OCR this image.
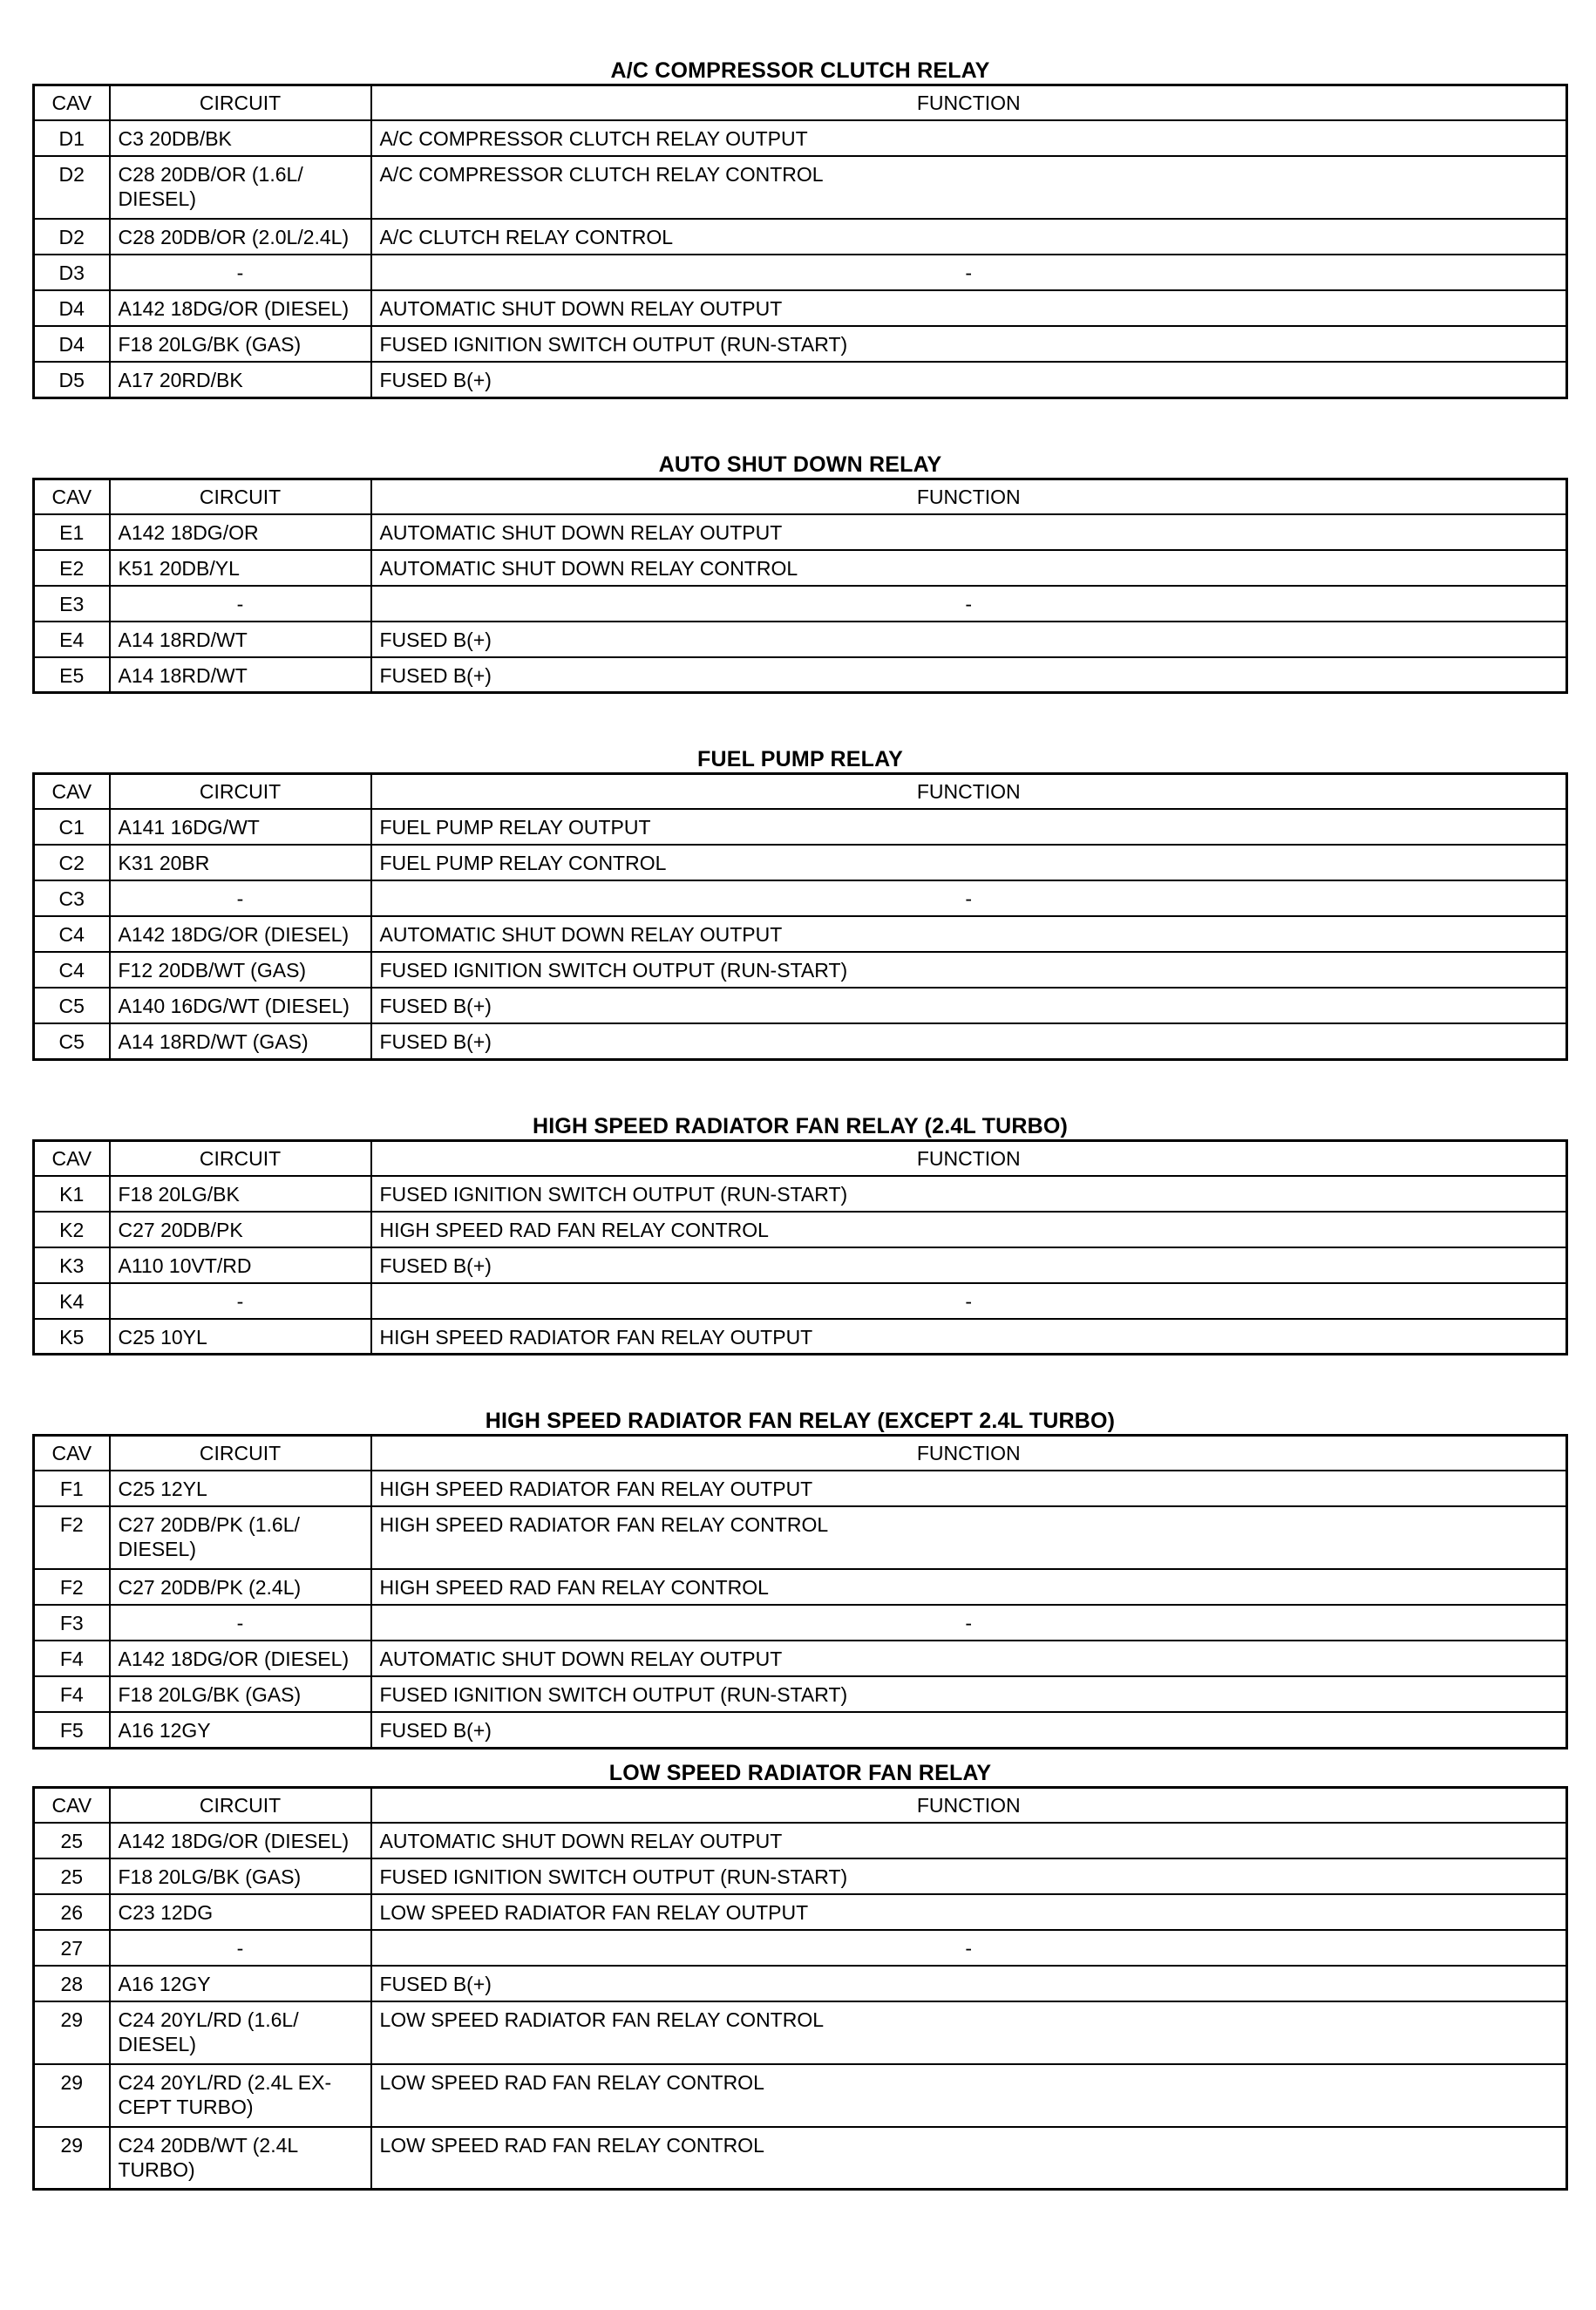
A/C COMPRESSOR CLUTCH RELAY
CAV	CIRCUIT	FUNCTION
D1	C3 20DB/BK	A/C COMPRESSOR CLUTCH RELAY OUTPUT
D2	C28 20DB/OR (1.6L/ DIESEL)	A/C COMPRESSOR CLUTCH RELAY CONTROL
D2	C28 20DB/OR (2.0L/2.4L)	A/C CLUTCH RELAY CONTROL
D3	-	-
D4	A142 18DG/OR (DIESEL)	AUTOMATIC SHUT DOWN RELAY OUTPUT
D4	F18 20LG/BK (GAS)	FUSED IGNITION SWITCH OUTPUT (RUN-START)
D5	A17 20RD/BK	FUSED B(+)
AUTO SHUT DOWN RELAY
CAV	CIRCUIT	FUNCTION
E1	A142 18DG/OR	AUTOMATIC SHUT DOWN RELAY OUTPUT
E2	K51 20DB/YL	AUTOMATIC SHUT DOWN RELAY CONTROL
E3	-	-
E4	A14 18RD/WT	FUSED B(+)
E5	A14 18RD/WT	FUSED B(+)
FUEL PUMP RELAY
CAV	CIRCUIT	FUNCTION
C1	A141 16DG/WT	FUEL PUMP RELAY OUTPUT
C2	K31 20BR	FUEL PUMP RELAY CONTROL
C3	-	-
C4	A142 18DG/OR (DIESEL)	AUTOMATIC SHUT DOWN RELAY OUTPUT
C4	F12 20DB/WT (GAS)	FUSED IGNITION SWITCH OUTPUT (RUN-START)
C5	A140 16DG/WT (DIESEL)	FUSED B(+)
C5	A14 18RD/WT (GAS)	FUSED B(+)
HIGH SPEED RADIATOR FAN RELAY (2.4L TURBO)
CAV	CIRCUIT	FUNCTION
K1	F18 20LG/BK	FUSED IGNITION SWITCH OUTPUT (RUN-START)
K2	C27 20DB/PK	HIGH SPEED RAD FAN RELAY CONTROL
K3	A110 10VT/RD	FUSED B(+)
K4	-	-
K5	C25 10YL	HIGH SPEED RADIATOR FAN RELAY OUTPUT
HIGH SPEED RADIATOR FAN RELAY (EXCEPT 2.4L TURBO)
CAV	CIRCUIT	FUNCTION
F1	C25 12YL	HIGH SPEED RADIATOR FAN RELAY OUTPUT
F2	C27 20DB/PK (1.6L/ DIESEL)	HIGH SPEED RADIATOR FAN RELAY CONTROL
F2	C27 20DB/PK (2.4L)	HIGH SPEED RAD FAN RELAY CONTROL
F3	-	-
F4	A142 18DG/OR (DIESEL)	AUTOMATIC SHUT DOWN RELAY OUTPUT
F4	F18 20LG/BK (GAS)	FUSED IGNITION SWITCH OUTPUT (RUN-START)
F5	A16 12GY	FUSED B(+)
LOW SPEED RADIATOR FAN RELAY
CAV	CIRCUIT	FUNCTION
25	A142 18DG/OR (DIESEL)	AUTOMATIC SHUT DOWN RELAY OUTPUT
25	F18 20LG/BK (GAS)	FUSED IGNITION SWITCH OUTPUT (RUN-START)
26	C23 12DG	LOW SPEED RADIATOR FAN RELAY OUTPUT
27	-	-
28	A16 12GY	FUSED B(+)
29	C24 20YL/RD (1.6L/ DIESEL)	LOW SPEED RADIATOR FAN RELAY CONTROL
29	C24 20YL/RD (2.4L EX- CEPT TURBO)	LOW SPEED RAD FAN RELAY CONTROL
29	C24 20DB/WT (2.4L TURBO)	LOW SPEED RAD FAN RELAY CONTROL
